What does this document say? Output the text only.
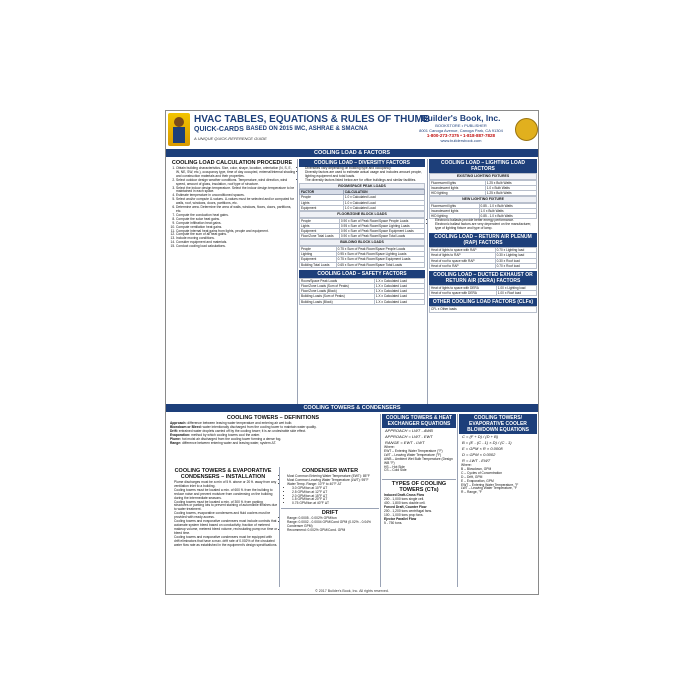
HVAC TABLES, EQUATIONS & RULES OF THUMB
QUICK-CARDS BASED ON 2015 IMC, ASHRAE & SMACNA
A UNIQUE QUICK-REFERENCE GUIDE
Builder's Book, Inc.
BOOKSTORE • PUBLISHER
8001 Canoga Avenue, Canoga Park, CA 91304
1-800-273-7375 • 1-818-887-7828
www.buildersbook.com
COOLING LOAD & FACTORS
COOLING LOAD CALCULATION PROCEDURE
1. Obtain building characteristics. Size, color, shape, location, orientation (N, S, E, W, NE, SW, etc.), occupancy type, time of day occupied, external/internal shading and construction materials and their properties.
2. Select outdoor design weather conditions. Temperature, wind direction, wind speed, amount of glass, insulation, roof type of structure.
3. Select the indoor design temperature. Select the indoor design temperature to be maintained in each space.
4. Estimate temperature in unconditioned spaces.
5. Select and/or compute U-values. U-values must be selected and/or computed for walls, roof, windows, doors, partitions, etc.
6. Determine area. Determine the area of walls, windows, floors, doors, partitions, etc.
7. Compute the conduction heat gains.
8. Compute the solar heat gains.
9. Compute infiltration heat gains.
10. Compute ventilation heat gains.
11. Compute internal heat gains from lights, people and equipment.
12. Compute the sum of all heat gains.
13. Include moving conditions.
14. Consider equipment and materials.
15. Conduct cooling load calculations.
COOLING LOAD – DIVERSITY FACTORS
• Diversities vary depending on building type and occupancy.
• Diversity factors are used to estimate actual usage and includes amount people, lighting equipment and total loads.
• The diversity factors listed below are for office buildings and similar facilities.
ROOM/SPACE PEAK LOADS
FACTOR	CALCULATION
People	1.0 x Calculated Load
Lights	1.0 x Calculated Load
Equipment	1.0 x Calculated Load
FLOOR/ZONE BLOCK LOADS
People	0.90 x Sum of Peak Room/Space People Loads
Lights	0.95 x Sum of Peak Room/Space Lighting Loads
Equipment	0.90 x Sum of Peak Room/Space Equipment Loads
Floor/Zone Total Loads	0.90 x Sum of Peak Room/Space Total Loads
BUILDING BLOCK LOADS
People	0.75 x Sum of Peak Room/Space People Loads
Lighting	0.95 x Sum of Peak Room/Space Lighting Loads
Equipment	0.75 x Sum of Peak Room/Space Equipment Loads
Building Total Loads	0.65 x Sum of Peak Room/Space Total Loads
COOLING LOAD – SAFETY FACTORS
Room/Space Peak Loads	1.X x Calculated Load
Floor/Zone Loads (Sum of Peaks)	1.X x Calculated Load
Floor/Zone Loads (Block)	1.X x Calculated Load
Building Loads (Sum of Peaks)	1.X x Calculated Load
Building Loads (Block)	1.X x Calculated Load
COOLING LOAD – LIGHTING LOAD FACTORS
EXISTING LIGHTING FIXTURES
Fluorescent lights	1.25 x Bulb Watts
Incandescent lights	1.0 x Bulb Watts
HID lighting	1.25 x Bulb Watts
NEW LIGHTING FIXTURE
Fluorescent lights	0.85 - 1.0 x Bulb Watts
Incandescent lights	1.0 x Bulb Watts
HID lighting	0.85 - 1.0 x Bulb Watts
• Electronic ballasts provide better energy performance.
• Electronic ballast factors are very dependent on the manufacturer, type of lighting fixture and type of lamp.
COOLING LOAD – RETURN AIR PLENUM (RAP) FACTORS
Heat of lights to space with RAP	0.70 x Lighting load
Heat of lights to RAP	0.30 x Lighting load
Heat of roof to space with RAP	0.30 x Roof load
Heat of roof to RAP	0.70 x Roof load
COOLING LOAD – DUCTED EXHAUST OR RETURN AIR (DERA) FACTORS
Heat of lights to space with DERA	1.00 x Lighting load
Heat of roof to space with DERA	1.00 x Roof load
OTHER COOLING LOAD FACTORS (CLFs)
CFL x Other loads
COOLING TOWERS & CONDENSERS
COOLING TOWERS – DEFINITIONS
Approach: difference between leaving water temperature and entering air wet bulb.
Blowdown or Bleed: water intentionally discharged from the cooling tower to maintain water quality.
Drift: entrained water droplets carried off by the cooling tower; it is an undesirable side effect.
Evaporation: method by which cooling towers cool the water.
Plume: hot moist air discharged from the cooling tower forming a dense fog.
Range: difference between entering water and leaving water, system ΔT.
COOLING TOWERS & EVAPORATIVE CONDENSERS – INSTALLATION
• Plume discharges must be a min of 5 ft. above or 20 ft. away from any ventilation inlet to a building.
• Cooling towers must be located a min. of 600 ft. from the building to reduce noise and prevent moisture from condensing on the building during the intermediate seasons.
• Cooling towers must be located a min. of 300 ft. from parking structures or parking lots to prevent staining of automobile finishes due to water treatment.
• Cooling towers, evaporative condensers and fluid coolers must be provided with ready access.
• Cooling towers and evaporative condensers must include controls that automate system bleed based on conductivity, fraction of metered makeup volume, metered bleed volume, recirculating pump run time or bleed time.
• Cooling towers and evaporative condensers must be equipped with drift eliminators that have a max. drift rate of 0.002% of the circulated water flow rate as established in the equipment's design specifications.
CONDENSER WATER
• Most Common Entering Water Temperature (EWT): 85°F
• Most Common Leaving Water Temperature (LWT): 95°F
• Water Temp. Range: 10°F to 40°F ΔT
• 3.0 GPM/ton at 10°F ΔT
• 2.5 GPM/ton at 12°F ΔT
• 2.0 GPM/ton at 15°F ΔT
• 1.5 GPM/ton at 20°F ΔT
• 0.75 GPM/ton at 40°F ΔT
DRIFT
• Range: 0.0005 - 0.002% GPM/ton
• Range: 0.0002 - 0.0004 GPM/Cond GPM (0.02% - 0.04% Condenser GPM)
• Recommend: 0.002% GPM/Cond. GPM
COOLING TOWERS & HEAT EXCHANGER EQUATIONS
APPROACH = LWT - AWB
APPROACH = LWT - EWT
RANGE = EWT - LWT
Where:
EWT – Entering Water Temperature (°F)
LWT – Leaving Water Temperature (°F)
AWB – Ambient Wet Bulb Temperature (Design WB °F)
HS – Hot Side
CS – Cold Side
TYPES OF COOLING TOWERS (CTs)
Induced Draft-Cross Flow
200 - 1,000 tons single cell.
400 - 1,800 tons double cell.
Forced Draft, Counter Flow
200 - 1,200 tons centrifugal fans.
100 - 1,000 tons prop fans.
Ejector Parallel Flow
5 - 750 tons.
COOLING TOWERS/ EVAPORATIVE COOLER BLOWDOWN EQUATIONS
C = (F + D) / (D + B)
B = (E - (C - 1) × D) / (C - 1)
E = GPM × R × 0.0008
D = GPM × 0.0002
R = LWT - EWT
Where:
B – Blowdown, GPM
C – Cycles of Concentration
D – Drift, GPM
E – Evaporation, GPM
EWT – Entering Water Temperature, °F
LWT – Leaving Water Temperature, °F
R – Range, °F
© 2017 Builder's Book, Inc. All rights reserved.
